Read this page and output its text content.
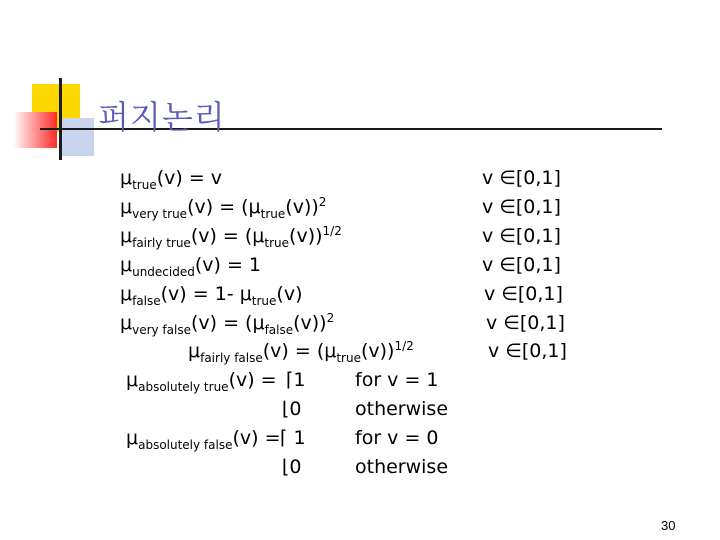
퍼지논리
$\mu_{true}(v) = v$	v ∈[0,1]
$\mu_{very true}(v) = (\mu_{true}(v))^2$	v ∈[0,1]
$\mu_{fairly true}(v) = (\mu_{true}(v))^{1/2}$	v ∈[0,1]
$\mu_{undecided}(v) = 1$	v ∈[0,1]
$\mu_{false}(v) = 1-$ $\mu_{true}(v)$	v ∈[0,1]
$\mu_{very false}(v) = (\mu_{false}(v))^2$	v ∈[0,1]
$\mu_{fairly false}(v) = (\mu_{true}(v))^{1/2}$	v ∈[0,1]
$\mu_{absolutely true}(v)$ = ⌈1	for v = 1
⌊0	otherwise
$\mu_{absolutely false}(v)$ = ⌈ 1	for v = 0
⌊0	otherwise
30
